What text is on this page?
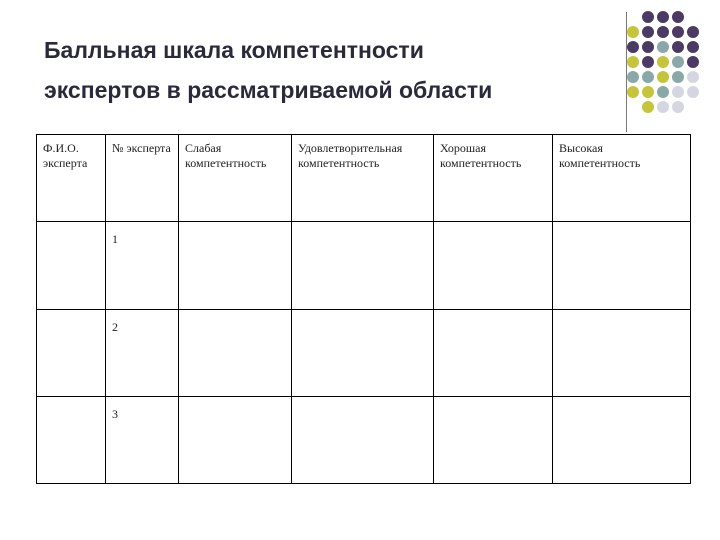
Балльная шкала компетентности
экспертов в рассматриваемой области
Ф.И.О. эксперта	№ эксперта	Слабая компетентность	Удовлетворительная компетентность	Хорошая компетентность	Высокая компетентность

	1				

	2				

	3				
